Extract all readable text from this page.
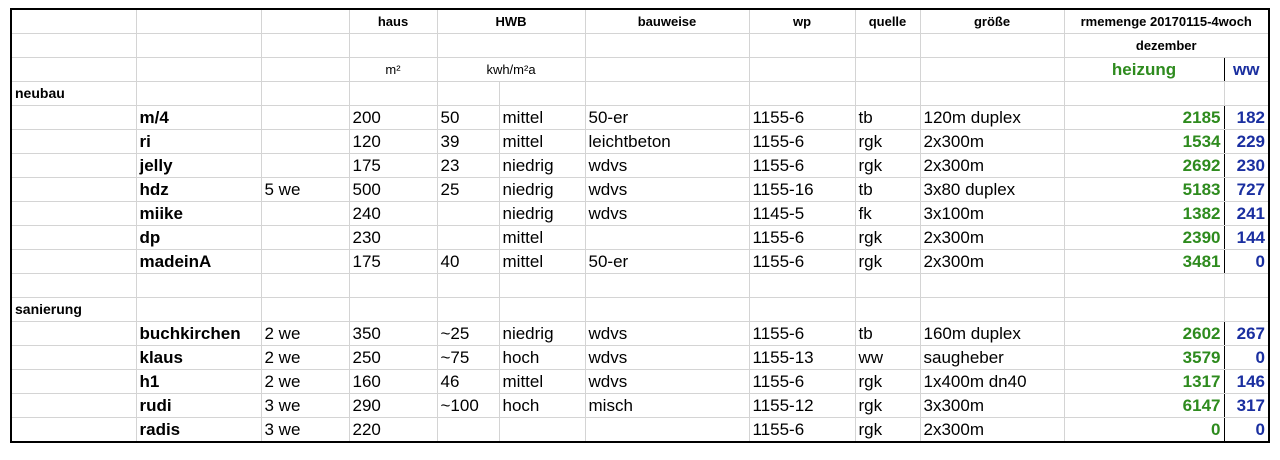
			haus	HWB		bauweise	wp	quelle	größe	rmemenge 20170115-4woch	
										dezember	
			m²	kwh/m²a						heizung	ww
neubau											
	m/4		200	50	mittel	50-er	1155-6	tb	120m duplex	2185	182
	ri		120	39	mittel	leichtbeton	1155-6	rgk	2x300m	1534	229
	jelly		175	23	niedrig	wdvs	1155-6	rgk	2x300m	2692	230
	hdz	5 we	500	25	niedrig	wdvs	1155-16	tb	3x80 duplex	5183	727
	miike		240		niedrig	wdvs	1145-5	fk	3x100m	1382	241
	dp		230		mittel		1155-6	rgk	2x300m	2390	144
	madeinA		175	40	mittel	50-er	1155-6	rgk	2x300m	3481	0

sanierung											
	buchkirchen	2 we	350	~25	niedrig	wdvs	1155-6	tb	160m duplex	2602	267
	klaus	2 we	250	~75	hoch	wdvs	1155-13	ww	saugheber	3579	0
	h1	2 we	160	46	mittel	wdvs	1155-6	rgk	1x400m dn40	1317	146
	rudi	3 we	290	~100	hoch	misch	1155-12	rgk	3x300m	6147	317
	radis	3 we	220				1155-6	rgk	2x300m	0	0
